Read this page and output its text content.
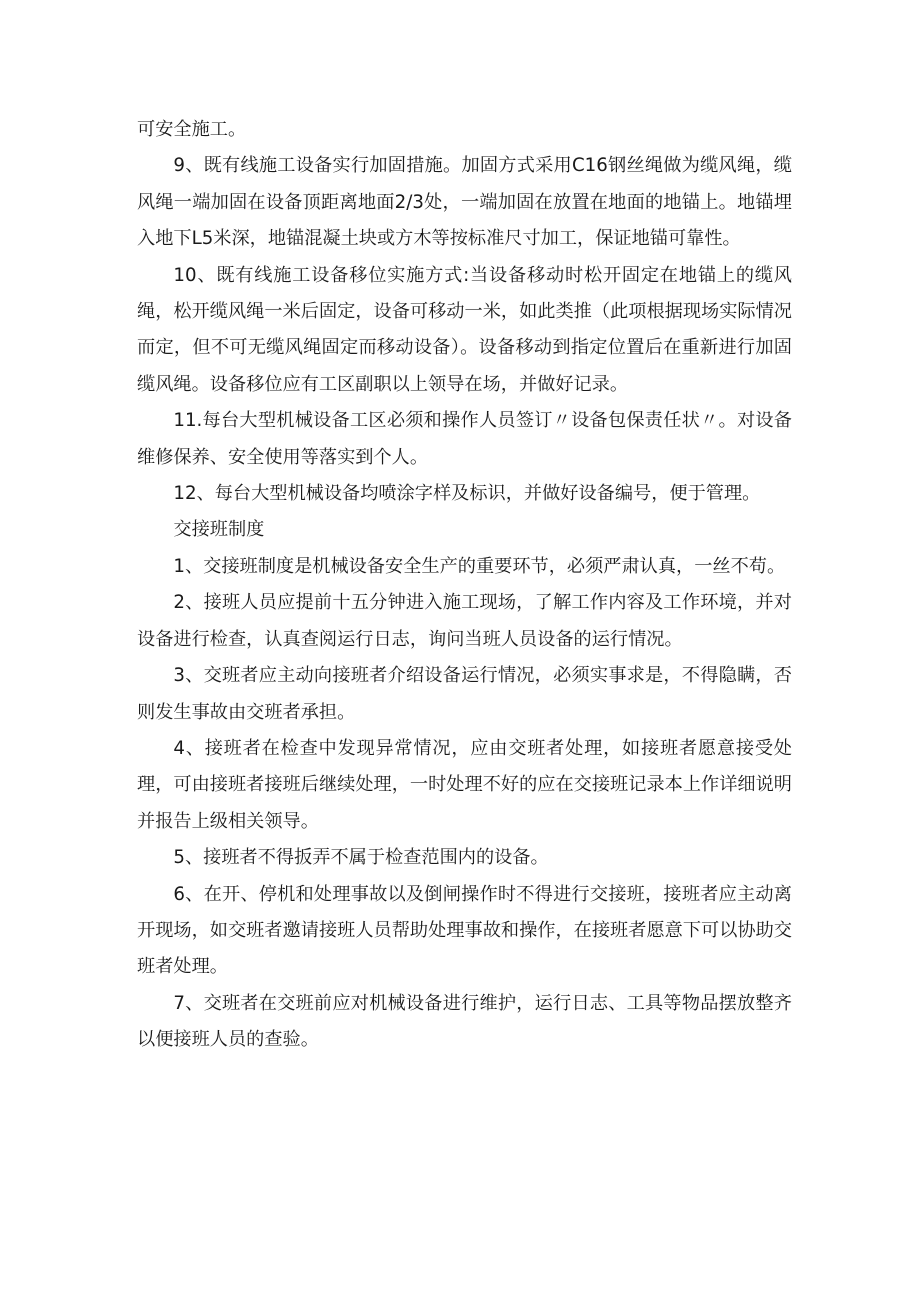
可安全施工。

9、既有线施工设备实行加固措施。加固方式采用C16钢丝绳做为缆风绳，缆风绳一端加固在设备顶距离地面2/3处，一端加固在放置在地面的地锚上。地锚埋入地下L5米深，地锚混凝土块或方木等按标准尺寸加工，保证地锚可靠性。

10、既有线施工设备移位实施方式:当设备移动时松开固定在地锚上的缆风绳，松开缆风绳一米后固定，设备可移动一米，如此类推（此项根据现场实际情况而定，但不可无缆风绳固定而移动设备）。设备移动到指定位置后在重新进行加固缆风绳。设备移位应有工区副职以上领导在场，并做好记录。

11.每台大型机械设备工区必须和操作人员签订〃设备包保责任状〃。对设备维修保养、安全使用等落实到个人。

12、每台大型机械设备均喷涂字样及标识，并做好设备编号，便于管理。

交接班制度

1、交接班制度是机械设备安全生产的重要环节，必须严肃认真，一丝不苟。

2、接班人员应提前十五分钟进入施工现场，了解工作内容及工作环境，并对设备进行检查，认真查阅运行日志，询问当班人员设备的运行情况。

3、交班者应主动向接班者介绍设备运行情况，必须实事求是，不得隐瞒，否则发生事故由交班者承担。

4、接班者在检查中发现异常情况，应由交班者处理，如接班者愿意接受处理，可由接班者接班后继续处理，一时处理不好的应在交接班记录本上作详细说明并报告上级相关领导。

5、接班者不得扳弄不属于检查范围内的设备。

6、在开、停机和处理事故以及倒闸操作时不得进行交接班，接班者应主动离开现场，如交班者邀请接班人员帮助处理事故和操作，在接班者愿意下可以协助交班者处理。

7、交班者在交班前应对机械设备进行维护，运行日志、工具等物品摆放整齐以便接班人员的查验。
